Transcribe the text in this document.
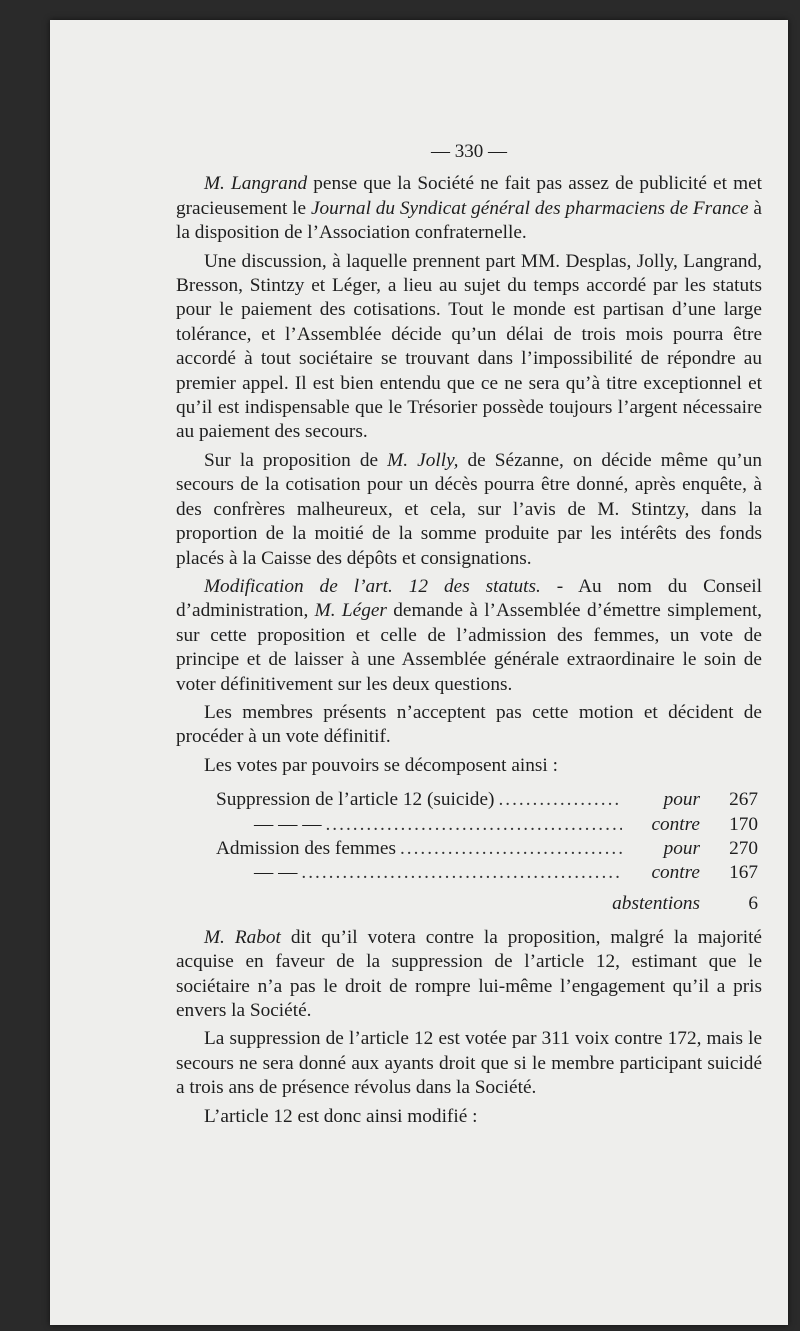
— 330 —

M. Langrand pense que la Société ne fait pas assez de publicité et met gracieusement le Journal du Syndicat général des pharmaciens de France à la disposition de l’Association confraternelle.

Une discussion, à laquelle prennent part MM. Desplas, Jolly, Langrand, Bresson, Stintzy et Léger, a lieu au sujet du temps accordé par les statuts pour le paiement des cotisations. Tout le monde est partisan d’une large tolérance, et l’Assemblée décide qu’un délai de trois mois pourra être accordé à tout sociétaire se trouvant dans l’impossibilité de répondre au premier appel. Il est bien entendu que ce ne sera qu’à titre exceptionnel et qu’il est indispensable que le Trésorier possède toujours l’argent nécessaire au paiement des secours.

Sur la proposition de M. Jolly, de Sézanne, on décide même qu’un secours de la cotisation pour un décès pourra être donné, après enquête, à des confrères malheureux, et cela, sur l’avis de M. Stintzy, dans la proportion de la moitié de la somme produite par les intérêts des fonds placés à la Caisse des dépôts et consignations.

Modification de l’art. 12 des statuts. - Au nom du Conseil d’administration, M. Léger demande à l’Assemblée d’émettre simplement, sur cette proposition et celle de l’admission des femmes, un vote de principe et de laisser à une Assemblée générale extraordinaire le soin de voter définitivement sur les deux questions.

Les membres présents n’acceptent pas cette motion et décident de procéder à un vote définitif.

Les votes par pouvoirs se décomposent ainsi :

Suppression de l’article 12 (suicide) .....	pour	267
— — — .....	contre	170
Admission des femmes .....	pour	270
— — .....	contre	167
abstentions	6

M. Rabot dit qu’il votera contre la proposition, malgré la majorité acquise en faveur de la suppression de l’article 12, estimant que le sociétaire n’a pas le droit de rompre lui-même l’engagement qu’il a pris envers la Société.

La suppression de l’article 12 est votée par 311 voix contre 172, mais le secours ne sera donné aux ayants droit que si le membre participant suicidé a trois ans de présence révolus dans la Société.

L’article 12 est donc ainsi modifié :
